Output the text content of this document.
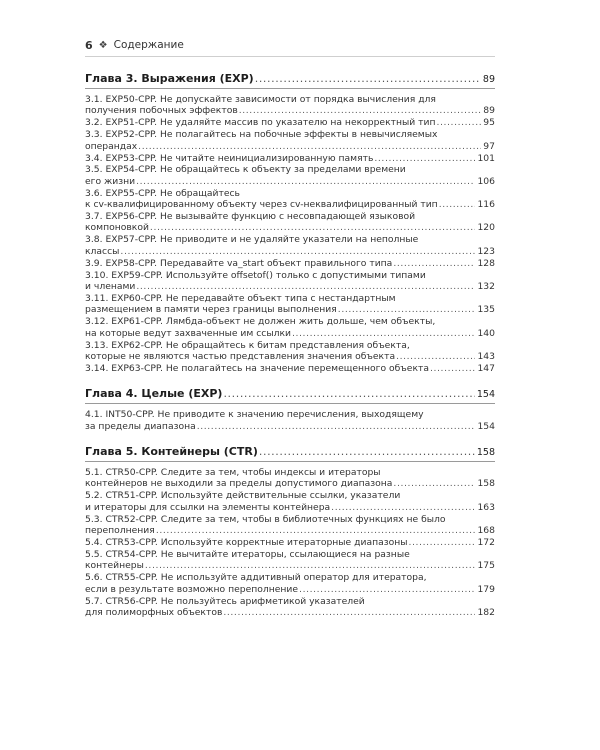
6 ❖ Содержание
Глава 3. Выражения (EXP) .....	89
3.1. EXP50-CPP. Не допускайте зависимости от порядка вычисления для
получения побочных эффектов .....	89
3.2. EXP51-CPP. Не удаляйте массив по указателю на некорректный тип .....	95
3.3. EXP52-CPP. Не полагайтесь на побочные эффекты в невычисляемых
операндах .....	97
3.4. EXP53-CPP. Не читайте неинициализированную память .....	101
3.5. EXP54-CPP. Не обращайтесь к объекту за пределами времени
его жизни .....	106
3.6. EXP55-CPP. Не обращайтесь
к cv-квалифицированному объекту через cv-неквалифицированный тип .....	116
3.7. EXP56-CPP. Не вызывайте функцию с несовпадающей языковой
компоновкой .....	120
3.8. EXP57-CPP. Не приводите и не удаляйте указатели на неполные
классы .....	123
3.9. EXP58-CPP. Передавайте va_start объект правильного типа .....	128
3.10. EXP59-CPP. Используйте offsetof() только с допустимыми типами
и членами .....	132
3.11. EXP60-CPP. Не передавайте объект типа с нестандартным
размещением в памяти через границы выполнения .....	135
3.12. EXP61-CPP. Лямбда-объект не должен жить дольше, чем объекты,
на которые ведут захваченные им ссылки .....	140
3.13. EXP62-CPP. Не обращайтесь к битам представления объекта,
которые не являются частью представления значения объекта .....	143
3.14. EXP63-CPP. Не полагайтесь на значение перемещенного объекта .....	147
Глава 4. Целые (EXP) .....	154
4.1. INT50-CPP. Не приводите к значению перечисления, выходящему
за пределы диапазона .....	154
Глава 5. Контейнеры (CTR) .....	158
5.1. CTR50-CPP. Следите за тем, чтобы индексы и итераторы
контейнеров не выходили за пределы допустимого диапазона .....	158
5.2. CTR51-CPP. Используйте действительные ссылки, указатели
и итераторы для ссылки на элементы контейнера .....	163
5.3. CTR52-CPP. Следите за тем, чтобы в библиотечных функциях не было
переполнения .....	168
5.4. CTR53-CPP. Используйте корректные итераторные диапазоны .....	172
5.5. CTR54-CPP. Не вычитайте итераторы, ссылающиеся на разные
контейнеры .....	175
5.6. CTR55-CPP. Не используйте аддитивный оператор для итератора,
если в результате возможно переполнение .....	179
5.7. CTR56-CPP. Не пользуйтесь арифметикой указателей
для полиморфных объектов .....	182
